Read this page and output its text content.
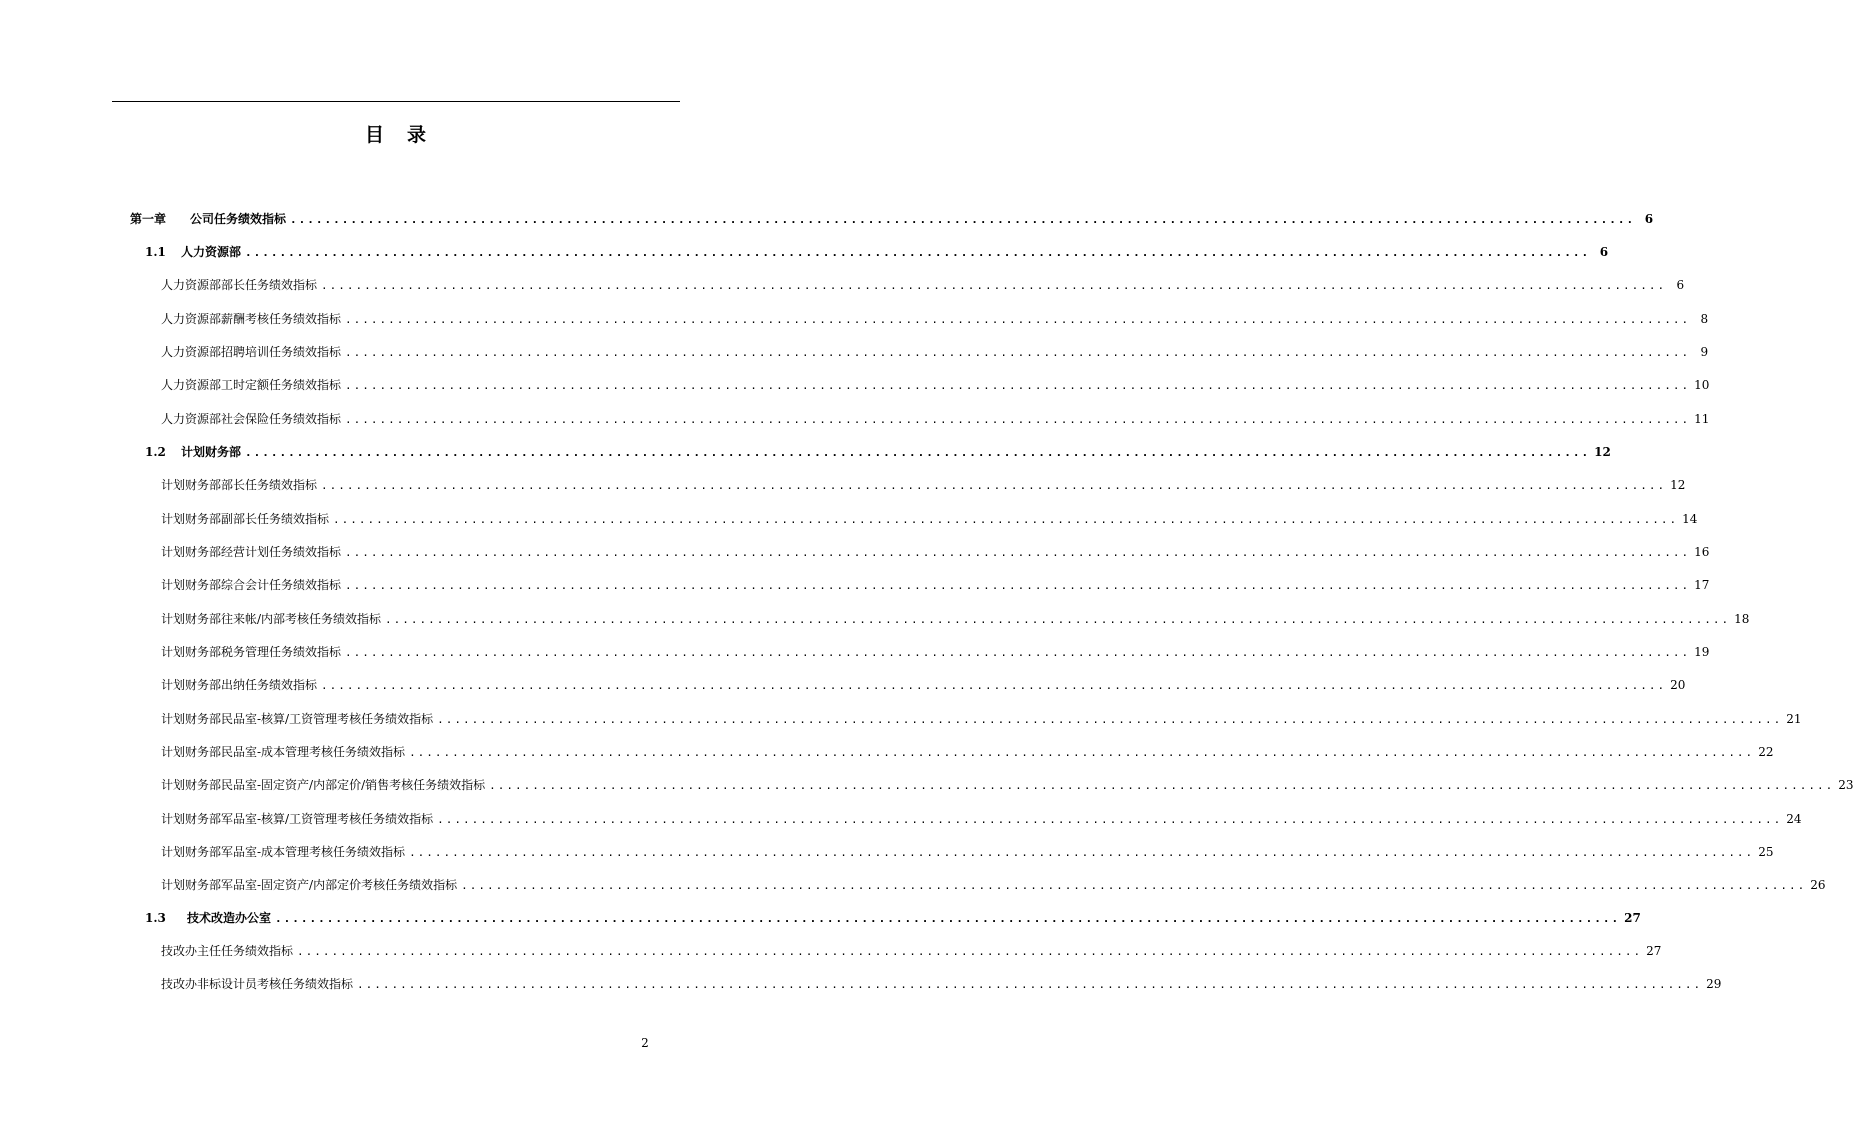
目　录
第一章	公司任务绩效指标 ............................................................................................................................................................ 6
1.1	人力资源部 ............................................................................................................................................................ 6
人力资源部部长任务绩效指标 ............................................................................................................................................................ 6
人力资源部薪酬考核任务绩效指标 ............................................................................................................................................................ 8
人力资源部招聘培训任务绩效指标 ............................................................................................................................................................ 9
人力资源部工时定额任务绩效指标 ............................................................................................................................................................ 10
人力资源部社会保险任务绩效指标 ............................................................................................................................................................ 11
1.2	计划财务部 ............................................................................................................................................................ 12
计划财务部部长任务绩效指标 ............................................................................................................................................................ 12
计划财务部副部长任务绩效指标 ............................................................................................................................................................ 14
计划财务部经营计划任务绩效指标 ............................................................................................................................................................ 16
计划财务部综合会计任务绩效指标 ............................................................................................................................................................ 17
计划财务部往来帐/内部考核任务绩效指标 ............................................................................................................................................................ 18
计划财务部税务管理任务绩效指标 ............................................................................................................................................................ 19
计划财务部出纳任务绩效指标 ............................................................................................................................................................ 20
计划财务部民品室-核算/工资管理考核任务绩效指标 ............................................................................................................................................................ 21
计划财务部民品室-成本管理考核任务绩效指标 ............................................................................................................................................................ 22
计划财务部民品室-固定资产/内部定价/销售考核任务绩效指标 ............................................................................................................................................................ 23
计划财务部军品室-核算/工资管理考核任务绩效指标 ............................................................................................................................................................ 24
计划财务部军品室-成本管理考核任务绩效指标 ............................................................................................................................................................ 25
计划财务部军品室-固定资产/内部定价考核任务绩效指标 ............................................................................................................................................................ 26
1.3	技术改造办公室 ............................................................................................................................................................ 27
技改办主任任务绩效指标 ............................................................................................................................................................ 27
技改办非标设计员考核任务绩效指标 ............................................................................................................................................................ 29
2
